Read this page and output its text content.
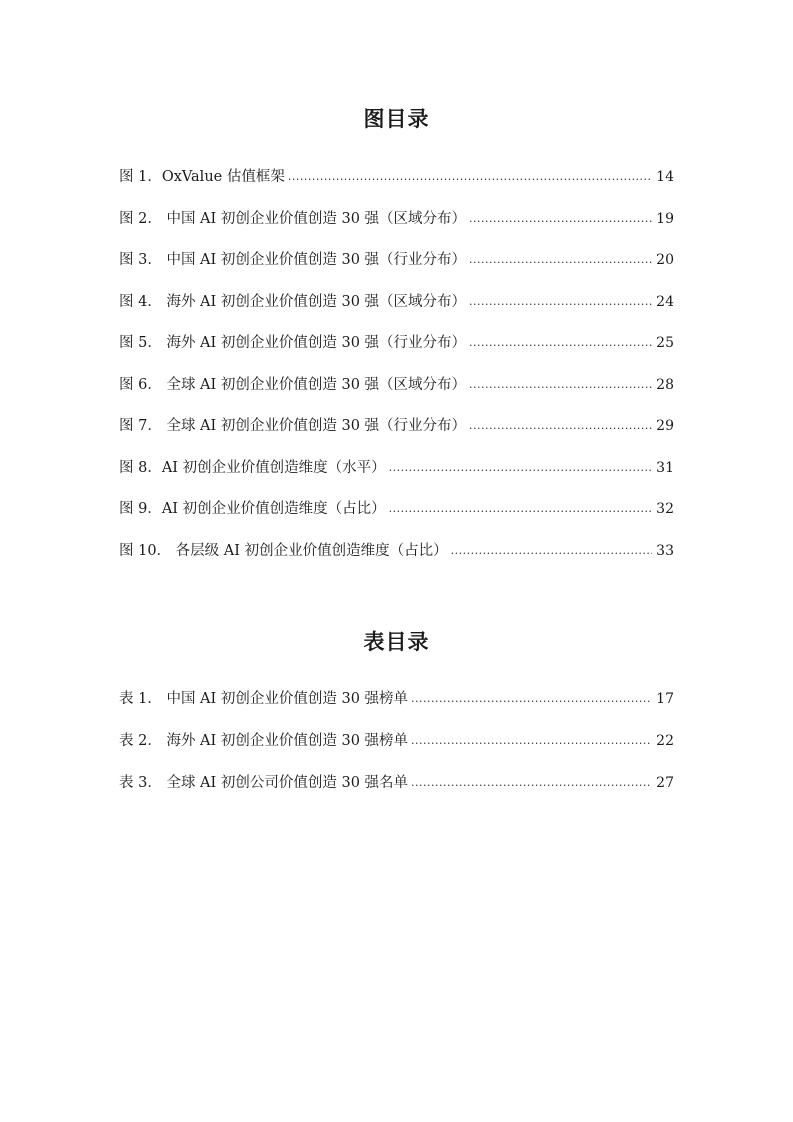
图目录
图 1．OxValue 估值框架 .....	14
图 2． 中国 AI 初创企业价值创造 30 强（区域分布） .....	19
图 3． 中国 AI 初创企业价值创造 30 强（行业分布） .....	20
图 4． 海外 AI 初创企业价值创造 30 强（区域分布） .....	24
图 5． 海外 AI 初创企业价值创造 30 强（行业分布） .....	25
图 6． 全球 AI 初创企业价值创造 30 强（区域分布） .....	28
图 7． 全球 AI 初创企业价值创造 30 强（行业分布） .....	29
图 8．AI 初创企业价值创造维度（水平） .....	31
图 9．AI 初创企业价值创造维度（占比） .....	32
图 10． 各层级 AI 初创企业价值创造维度（占比） .....	33
表目录
表 1． 中国 AI 初创企业价值创造 30 强榜单 .....	17
表 2． 海外 AI 初创企业价值创造 30 强榜单 .....	22
表 3． 全球 AI 初创公司价值创造 30 强名单 .....	27
